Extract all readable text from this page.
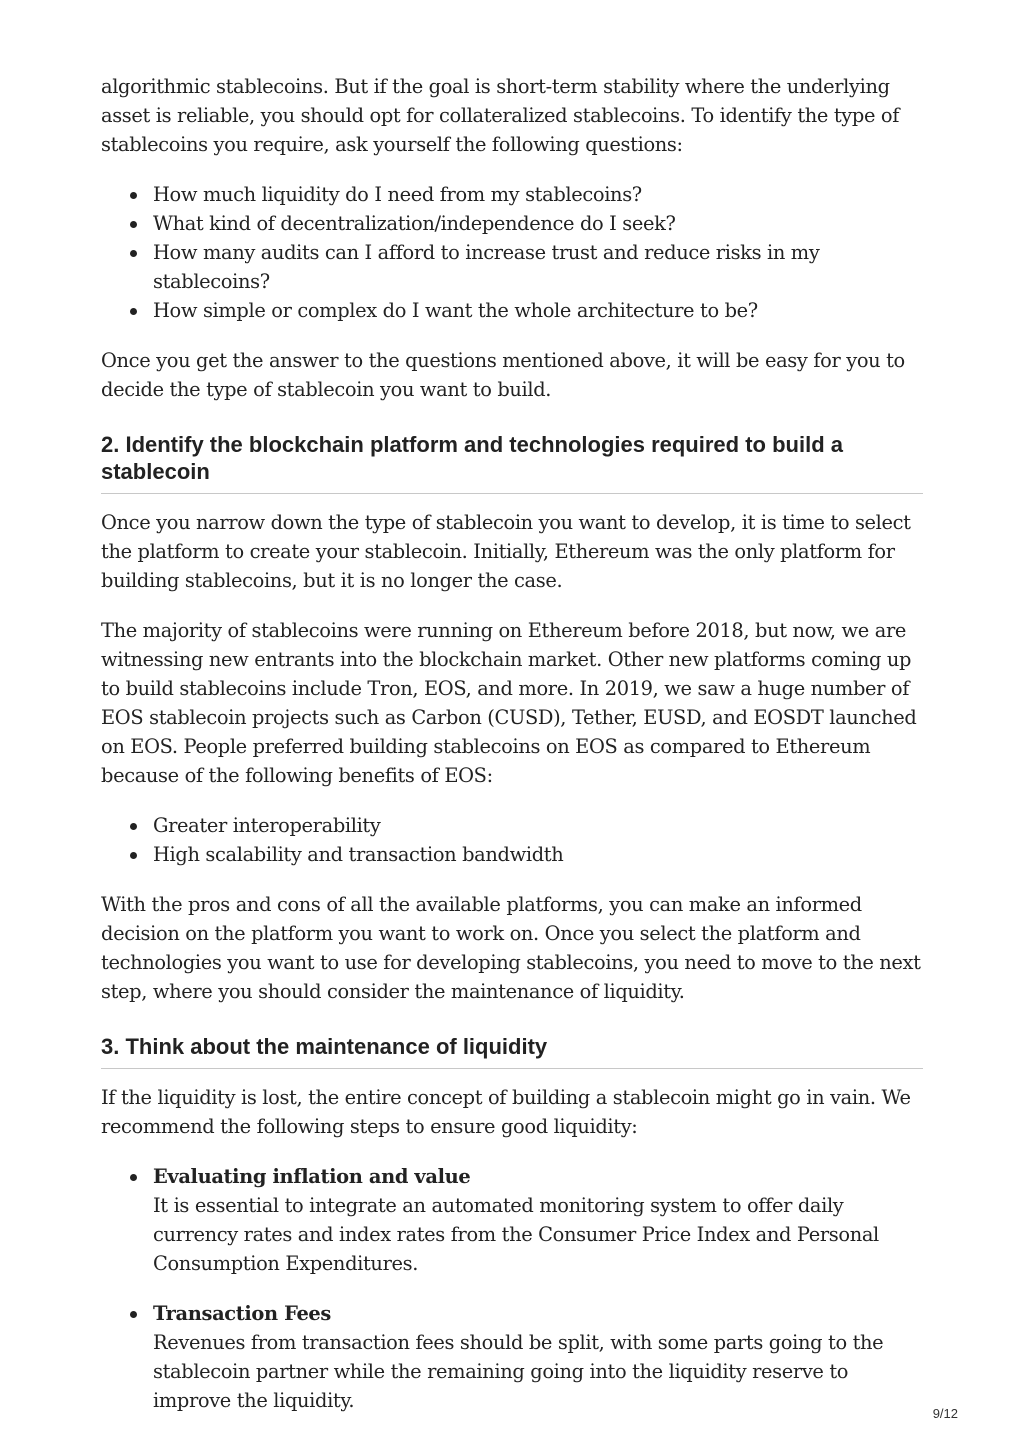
algorithmic stablecoins. But if the goal is short-term stability where the underlying asset is reliable, you should opt for collateralized stablecoins. To identify the type of stablecoins you require, ask yourself the following questions:

How much liquidity do I need from my stablecoins?
What kind of decentralization/independence do I seek?
How many audits can I afford to increase trust and reduce risks in my stablecoins?
How simple or complex do I want the whole architecture to be?

Once you get the answer to the questions mentioned above, it will be easy for you to decide the type of stablecoin you want to build.

2. Identify the blockchain platform and technologies required to build a stablecoin

Once you narrow down the type of stablecoin you want to develop, it is time to select the platform to create your stablecoin. Initially, Ethereum was the only platform for building stablecoins, but it is no longer the case.

The majority of stablecoins were running on Ethereum before 2018, but now, we are witnessing new entrants into the blockchain market. Other new platforms coming up to build stablecoins include Tron, EOS, and more. In 2019, we saw a huge number of EOS stablecoin projects such as Carbon (CUSD), Tether, EUSD, and EOSDT launched on EOS. People preferred building stablecoins on EOS as compared to Ethereum because of the following benefits of EOS:

Greater interoperability
High scalability and transaction bandwidth

With the pros and cons of all the available platforms, you can make an informed decision on the platform you want to work on. Once you select the platform and technologies you want to use for developing stablecoins, you need to move to the next step, where you should consider the maintenance of liquidity.

3. Think about the maintenance of liquidity

If the liquidity is lost, the entire concept of building a stablecoin might go in vain. We recommend the following steps to ensure good liquidity:

Evaluating inflation and value
It is essential to integrate an automated monitoring system to offer daily currency rates and index rates from the Consumer Price Index and Personal Consumption Expenditures.
Transaction Fees
Revenues from transaction fees should be split, with some parts going to the stablecoin partner while the remaining going into the liquidity reserve to improve the liquidity.
9/12
